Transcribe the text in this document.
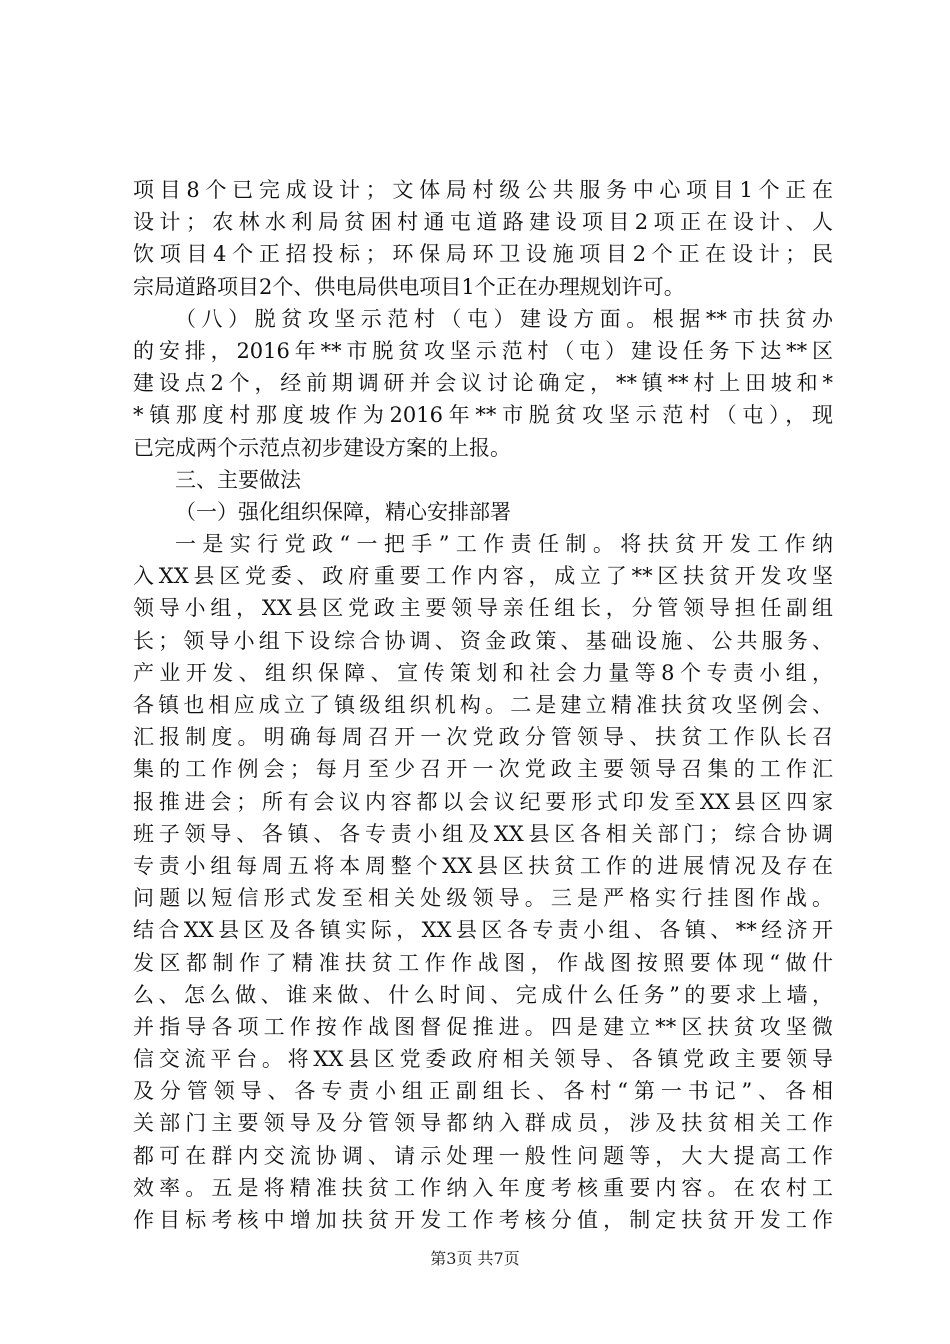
项目8个已完成设计；文体局村级公共服务中心项目1个正在
设计；农林水利局贫困村通屯道路建设项目2项正在设计、人
饮项目4个正招投标；环保局环卫设施项目2个正在设计；民
宗局道路项目2个、供电局供电项目1个正在办理规划许可。
（八）脱贫攻坚示范村（屯）建设方面。根据**市扶贫办
的安排，2016年**市脱贫攻坚示范村（屯）建设任务下达**区
建设点2个，经前期调研并会议讨论确定，**镇**村上田坡和*
*镇那度村那度坡作为2016年**市脱贫攻坚示范村（屯），现
已完成两个示范点初步建设方案的上报。
三、主要做法
（一）强化组织保障，精心安排部署
一是实行党政“一把手”工作责任制。将扶贫开发工作纳
入XX县区党委、政府重要工作内容，成立了**区扶贫开发攻坚
领导小组，XX县区党政主要领导亲任组长，分管领导担任副组
长；领导小组下设综合协调、资金政策、基础设施、公共服务、
产业开发、组织保障、宣传策划和社会力量等8个专责小组，
各镇也相应成立了镇级组织机构。二是建立精准扶贫攻坚例会、
汇报制度。明确每周召开一次党政分管领导、扶贫工作队长召
集的工作例会；每月至少召开一次党政主要领导召集的工作汇
报推进会；所有会议内容都以会议纪要形式印发至XX县区四家
班子领导、各镇、各专责小组及XX县区各相关部门；综合协调
专责小组每周五将本周整个XX县区扶贫工作的进展情况及存在
问题以短信形式发至相关处级领导。三是严格实行挂图作战。
结合XX县区及各镇实际，XX县区各专责小组、各镇、**经济开
发区都制作了精准扶贫工作作战图，作战图按照要体现“做什
么、怎么做、谁来做、什么时间、完成什么任务”的要求上墙，
并指导各项工作按作战图督促推进。四是建立**区扶贫攻坚微
信交流平台。将XX县区党委政府相关领导、各镇党政主要领导
及分管领导、各专责小组正副组长、各村“第一书记”、各相
关部门主要领导及分管领导都纳入群成员，涉及扶贫相关工作
都可在群内交流协调、请示处理一般性问题等，大大提高工作
效率。五是将精准扶贫工作纳入年度考核重要内容。在农村工
作目标考核中增加扶贫开发工作考核分值，制定扶贫开发工作
第3页 共7页
